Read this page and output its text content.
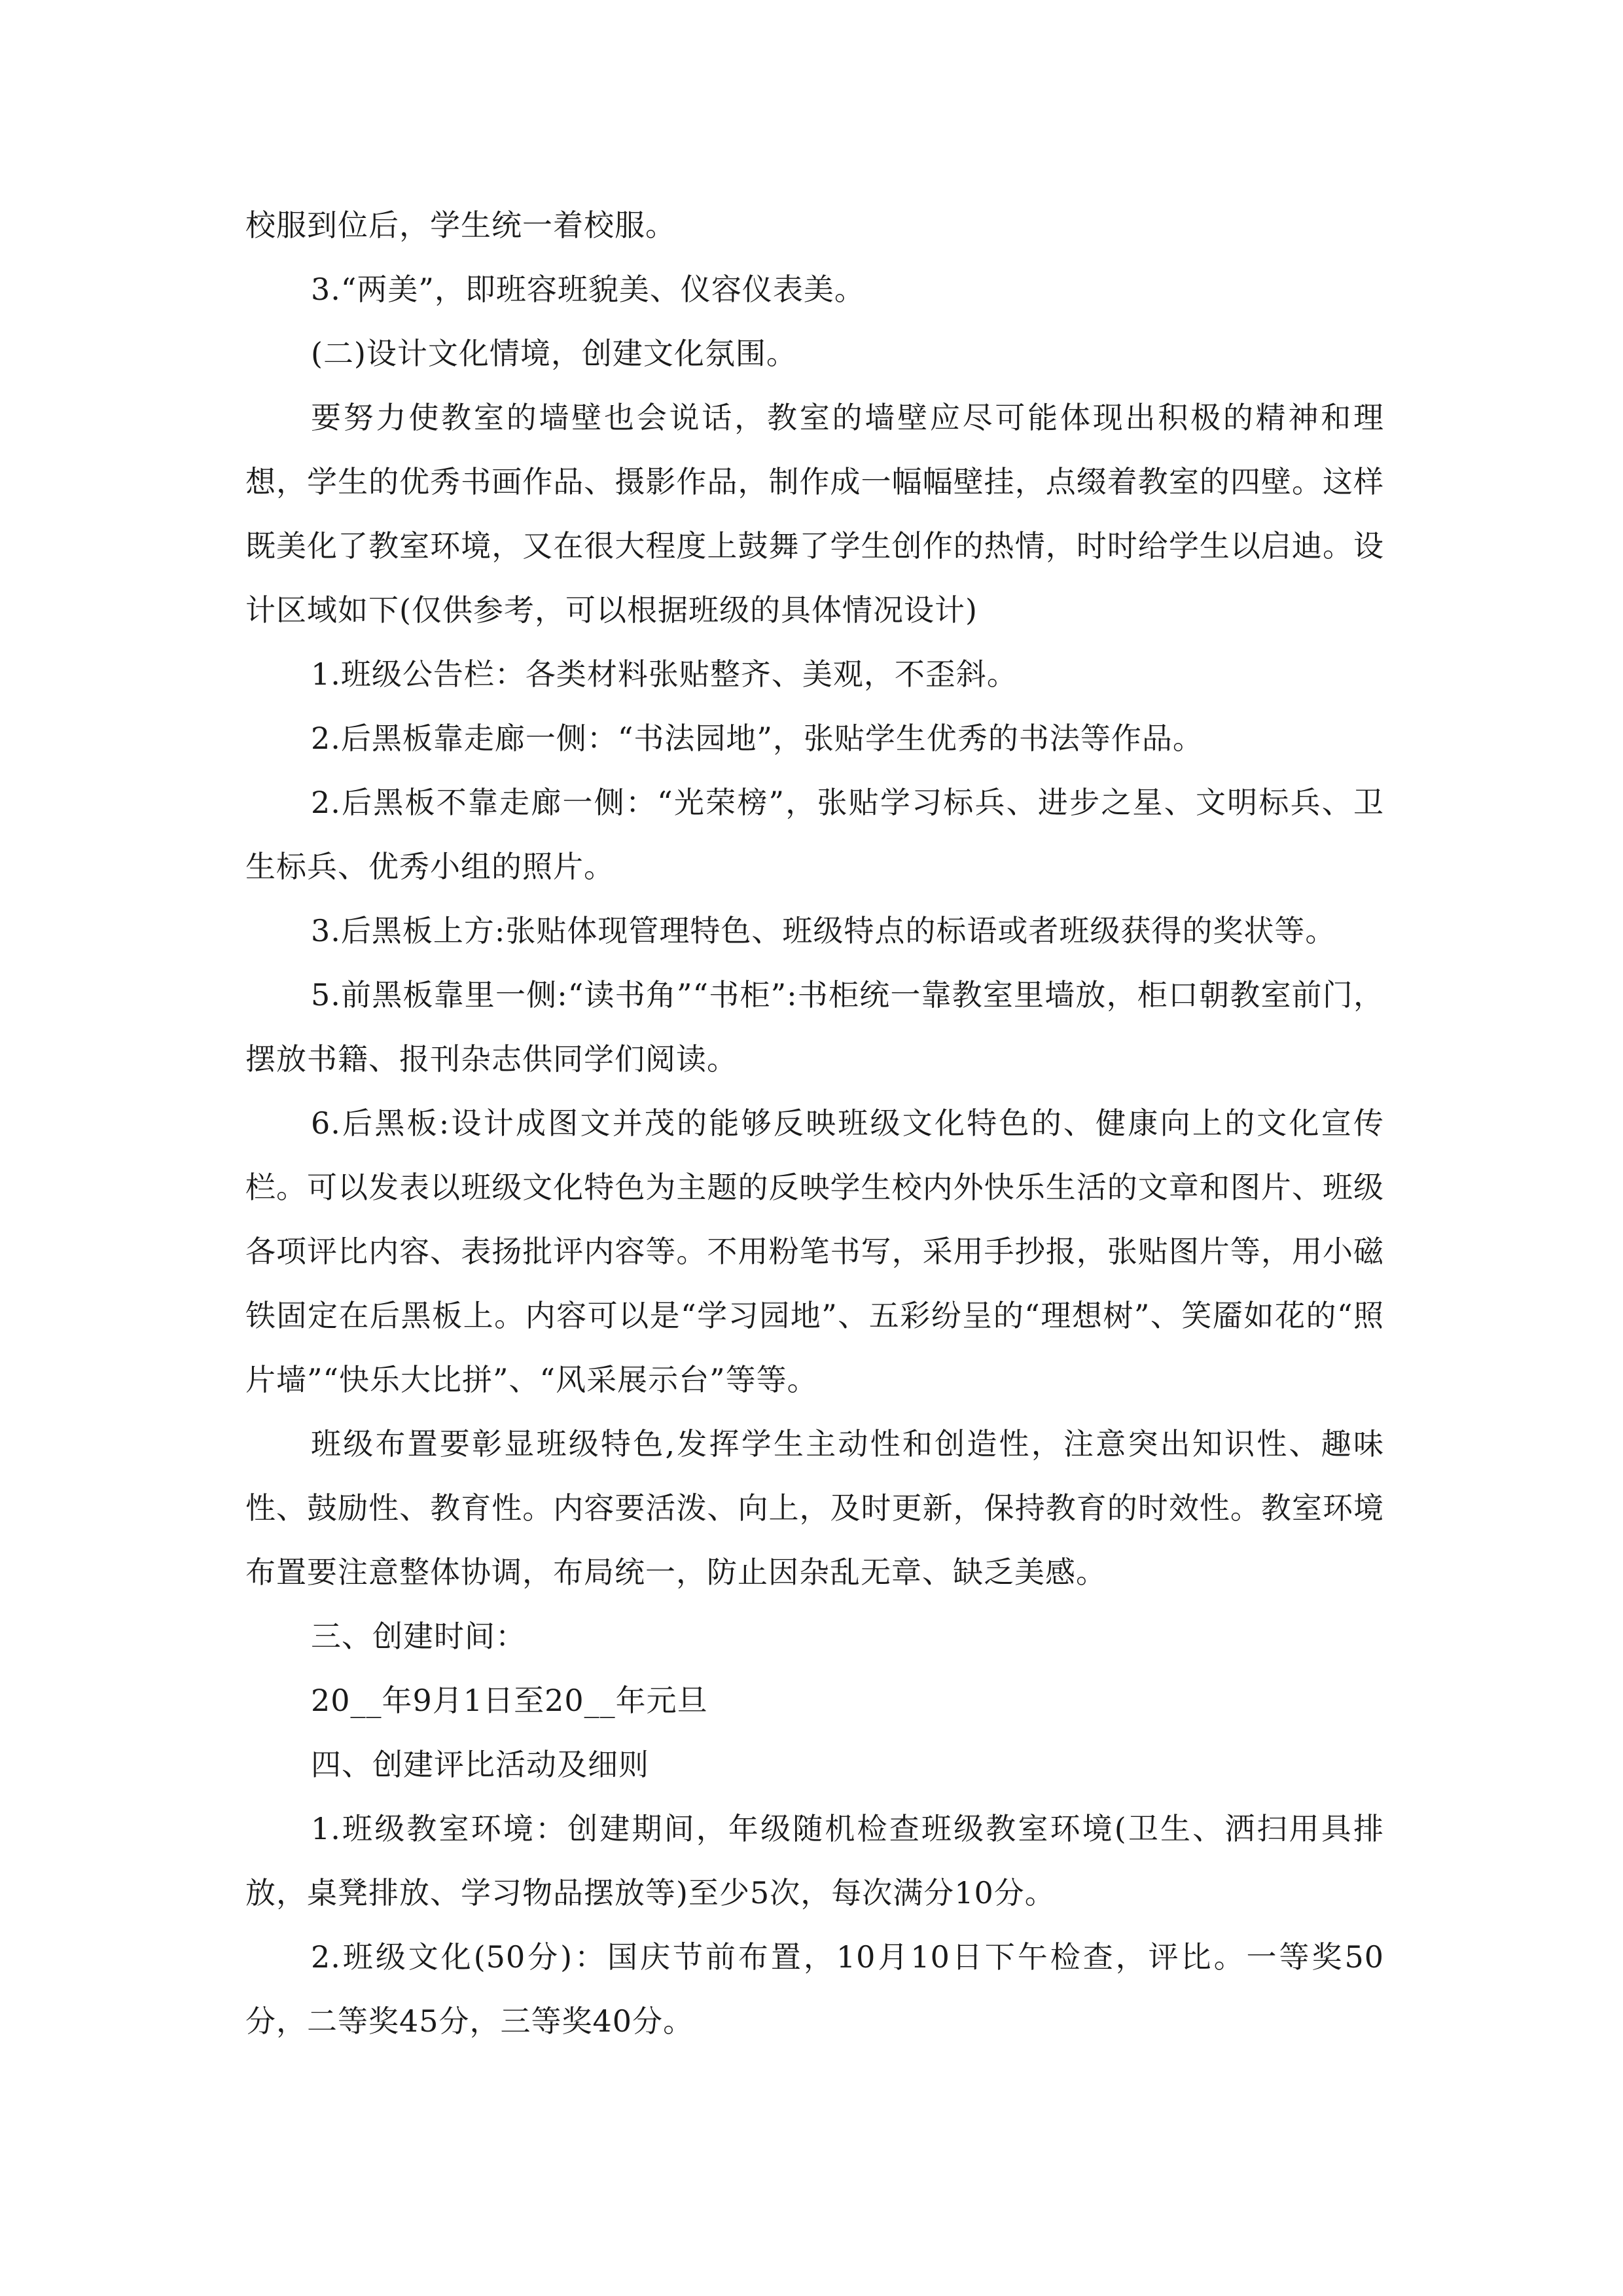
校服到位后，学生统一着校服。

3.“两美”，即班容班貌美、仪容仪表美。

(二)设计文化情境，创建文化氛围。

要努力使教室的墙壁也会说话，教室的墙壁应尽可能体现出积极的精神和理想，学生的优秀书画作品、摄影作品，制作成一幅幅壁挂，点缀着教室的四壁。这样既美化了教室环境，又在很大程度上鼓舞了学生创作的热情，时时给学生以启迪。设计区域如下(仅供参考，可以根据班级的具体情况设计)

1.班级公告栏：各类材料张贴整齐、美观，不歪斜。

2.后黑板靠走廊一侧：“书法园地”，张贴学生优秀的书法等作品。

2.后黑板不靠走廊一侧：“光荣榜”，张贴学习标兵、进步之星、文明标兵、卫生标兵、优秀小组的照片。

3.后黑板上方:张贴体现管理特色、班级特点的标语或者班级获得的奖状等。

5.前黑板靠里一侧:“读书角”“书柜”:书柜统一靠教室里墙放，柜口朝教室前门，摆放书籍、报刊杂志供同学们阅读。

6.后黑板:设计成图文并茂的能够反映班级文化特色的、健康向上的文化宣传栏。可以发表以班级文化特色为主题的反映学生校内外快乐生活的文章和图片、班级各项评比内容、表扬批评内容等。不用粉笔书写，采用手抄报，张贴图片等，用小磁铁固定在后黑板上。内容可以是“学习园地”、五彩纷呈的“理想树”、笑靥如花的“照片墙”“快乐大比拼”、“风采展示台”等等。

班级布置要彰显班级特色,发挥学生主动性和创造性，注意突出知识性、趣味性、鼓励性、教育性。内容要活泼、向上，及时更新，保持教育的时效性。教室环境布置要注意整体协调，布局统一，防止因杂乱无章、缺乏美感。

三、创建时间：

20__年9月1日至20__年元旦

四、创建评比活动及细则

1.班级教室环境：创建期间，年级随机检查班级教室环境(卫生、洒扫用具排放，桌凳排放、学习物品摆放等)至少5次，每次满分10分。

2.班级文化(50分)：国庆节前布置，10月10日下午检查，评比。一等奖50分，二等奖45分，三等奖40分。
